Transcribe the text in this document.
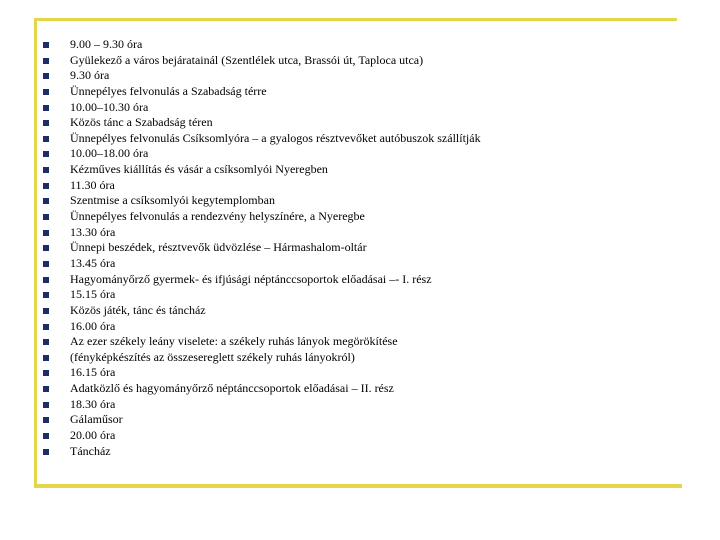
9.00 – 9.30 óra
Gyülekező a város bejáratainál (Szentlélek utca, Brassói út, Taploca utca)
9.30 óra
Ünnepélyes felvonulás a Szabadság térre
10.00–10.30 óra
Közös tánc a Szabadság téren
Ünnepélyes felvonulás Csíksomlyóra – a gyalogos résztvevőket autóbuszok szállítják
10.00–18.00 óra
Kézműves kiállítás és vásár a csíksomlyói Nyeregben
11.30 óra
Szentmise a csíksomlyói kegytemplomban
Ünnepélyes felvonulás a rendezvény helyszínére, a Nyeregbe
13.30 óra
Ünnepi beszédek, résztvevők üdvözlése – Hármashalom-oltár
13.45 óra
Hagyományőrző gyermek- és ifjúsági néptánccsoportok előadásai –- I. rész
15.15 óra
Közös játék, tánc és táncház
16.00 óra
Az ezer székely leány viselete: a székely ruhás lányok megörökítése
(fényképkészítés az összesereglett székely ruhás lányokról)
16.15 óra
Adatközlő és hagyományőrző néptánccsoportok előadásai – II. rész
18.30 óra
Gálaműsor
20.00 óra
Táncház
